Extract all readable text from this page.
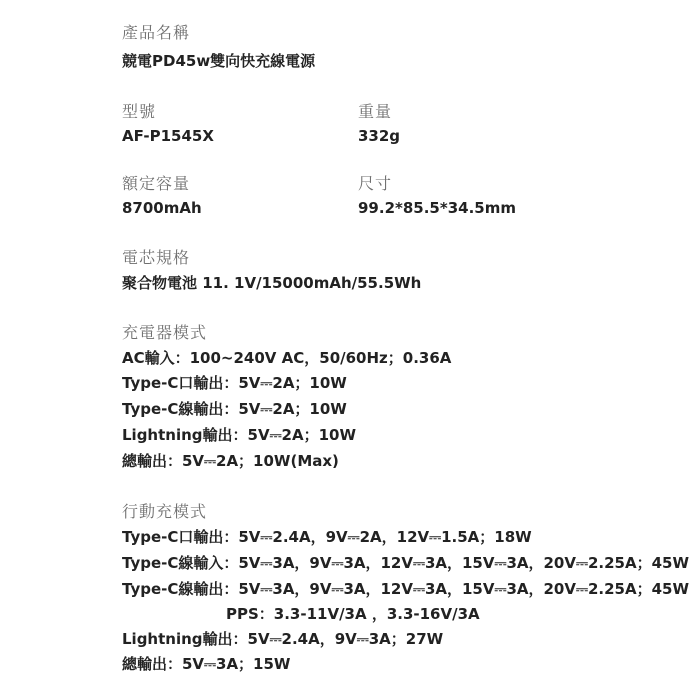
產品名稱
競電PD45w雙向快充線電源
型號
AF-P1545X
重量
332g
額定容量
8700mAh
尺寸
99.2*85.5*34.5mm
電芯規格
聚合物電池 11. 1V/15000mAh/55.5Wh
充電器模式
AC輸入：100~240V AC，50/60Hz；0.36A
Type-C口輸出：5V⎓2A；10W
Type-C線輸出：5V⎓2A；10W
Lightning輸出：5V⎓2A；10W
總輸出：5V⎓2A；10W(Max)
行動充模式
Type-C口輸出：5V⎓2.4A，9V⎓2A，12V⎓1.5A；18W
Type-C線輸入：5V⎓3A，9V⎓3A，12V⎓3A，15V⎓3A，20V⎓2.25A；45W
Type-C線輸出：5V⎓3A，9V⎓3A，12V⎓3A，15V⎓3A，20V⎓2.25A；45W
PPS：3.3-11V/3A ，3.3-16V/3A
Lightning輸出：5V⎓2.4A，9V⎓3A；27W
總輸出：5V⎓3A；15W
